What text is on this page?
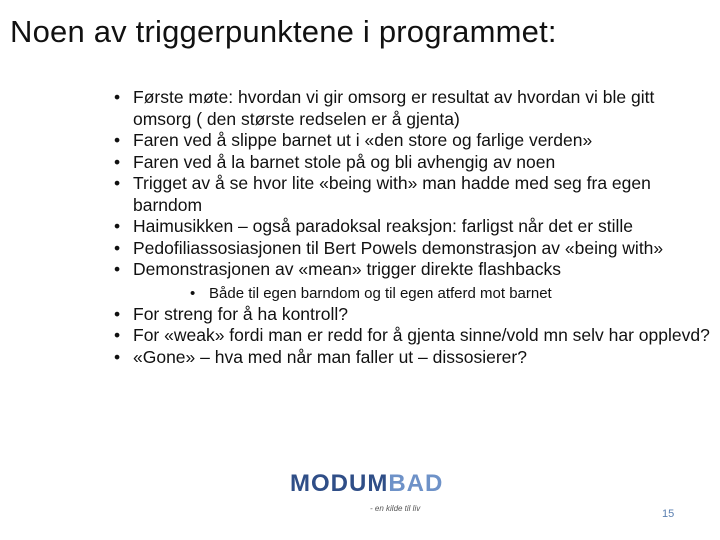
Noen av triggerpunktene i programmet:
• Første møte: hvordan vi gir omsorg er resultat av hvordan vi ble gitt omsorg ( den største redselen er å gjenta)
• Faren ved å slippe barnet ut i «den store og farlige verden»
• Faren ved å la barnet stole på og bli avhengig av noen
• Trigget av å se hvor lite «being with» man hadde med seg fra egen barndom
• Haimusikken – også paradoksal reaksjon: farligst når det er stille
• Pedofiliassosiasjonen til Bert Powels demonstrasjon av «being with»
• Demonstrasjonen av «mean» trigger direkte flashbacks
• Både til egen barndom og til egen atferd mot barnet
• For streng for å ha kontroll?
• For «weak» fordi man er redd for å gjenta sinne/vold mn selv har opplevd?
• «Gone» – hva med når man faller ut – dissosierer?
MODUMBAD
- en kilde til liv	15
